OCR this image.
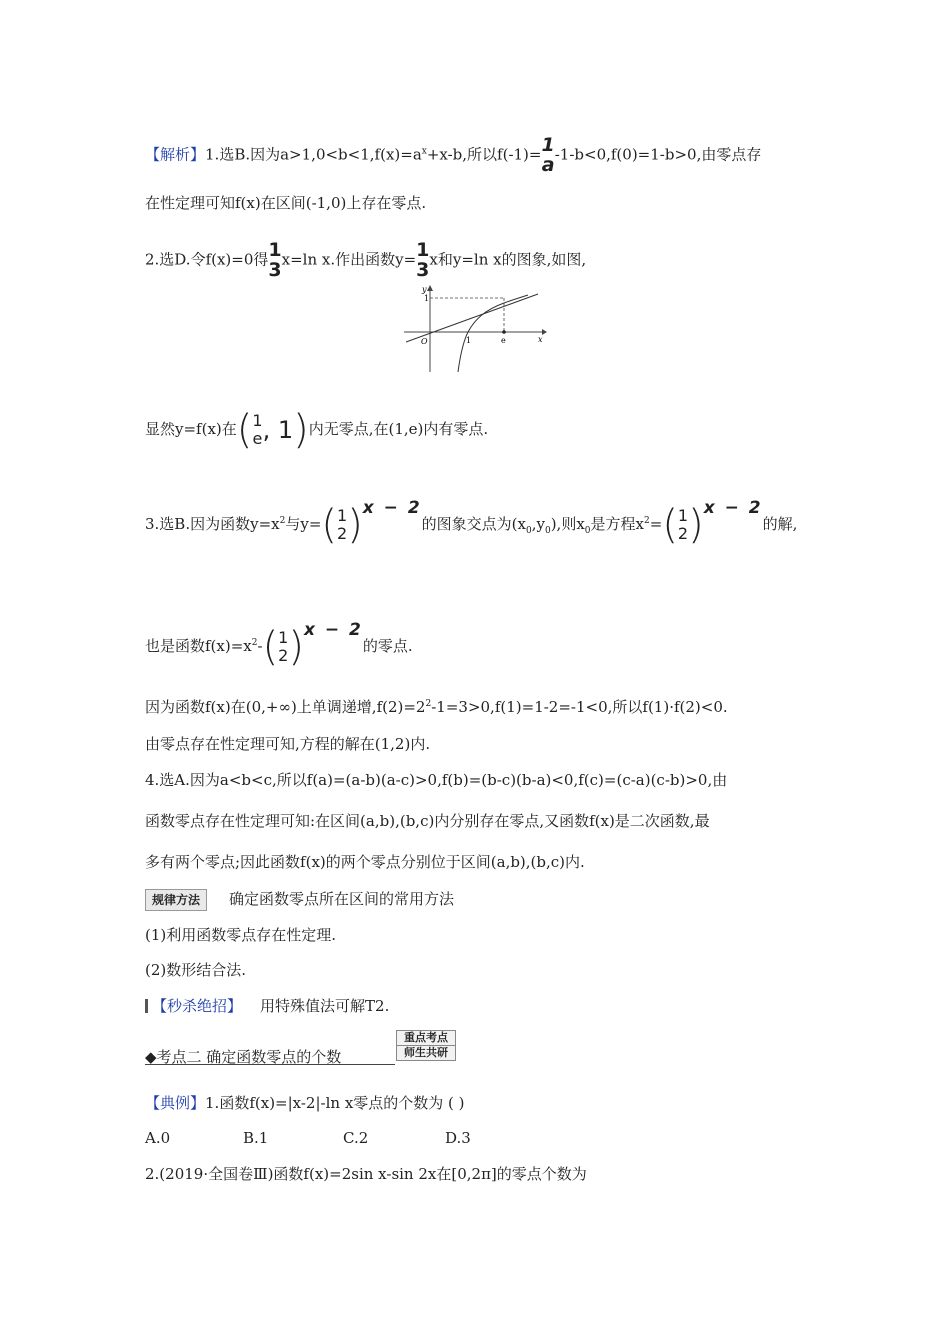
【解析】1.选B.因为$a>1,0<b<1,f(x)=a^x+x-b$,所以f(-1)= 1
a -1-b<0,f(0)=1-b>0,由零点存
在性定理可知f(x)在区间(-1,0)上存在零点.
2.选D.令f(x)=0得 1
3 x=ln x.作出函数y= 1
3 x和y=ln x的图象,如图,
y
x
O
1
1	e
显然y=f(x)在( 1
e , 1)内无零点,在(1,e)内有零点.
3.选B.因为函数$y=x^2$与y=( 1
2 )x − 2的图象交点为$(x_0,y_0)$,则$x_0$是方程$x^2=$( 1
2 )x − 2的解,
也是函数$f(x)=x^2-$( 1
2 )x − 2的零点.
因为函数f(x)在(0,+∞)上单调递增$,f(2)=2^2-1=3>0,f(1)=1-2=-1<0$,所以f(1)·f(2)<0.
由零点存在性定理可知,方程的解在(1,2)内.
4.选A.因为a<b<c,所以f(a)=(a-b)(a-c)>0,f(b)=(b-c)(b-a)<0,f(c)=(c-a)(c-b)>0,由
函数零点存在性定理可知:在区间(a,b),(b,c)内分别存在零点,又函数f(x)是二次函数,最
多有两个零点;因此函数f(x)的两个零点分别位于区间(a,b),(b,c)内.
规律方法 确定函数零点所在区间的常用方法
(1)利用函数零点存在性定理.
(2)数形结合法.
【秒杀绝招】 用特殊值法可解T2.
◆考点二 确定函数零点的个数
重点考点
师生共研
【典例】1.函数f(x)=|x-2|-ln x零点的个数为 ( )
A.0	B.1	C.2	D.3
2.(2019·全国卷Ⅲ)函数f(x)=2sin x-sin 2x在[0,2π]的零点个数为
